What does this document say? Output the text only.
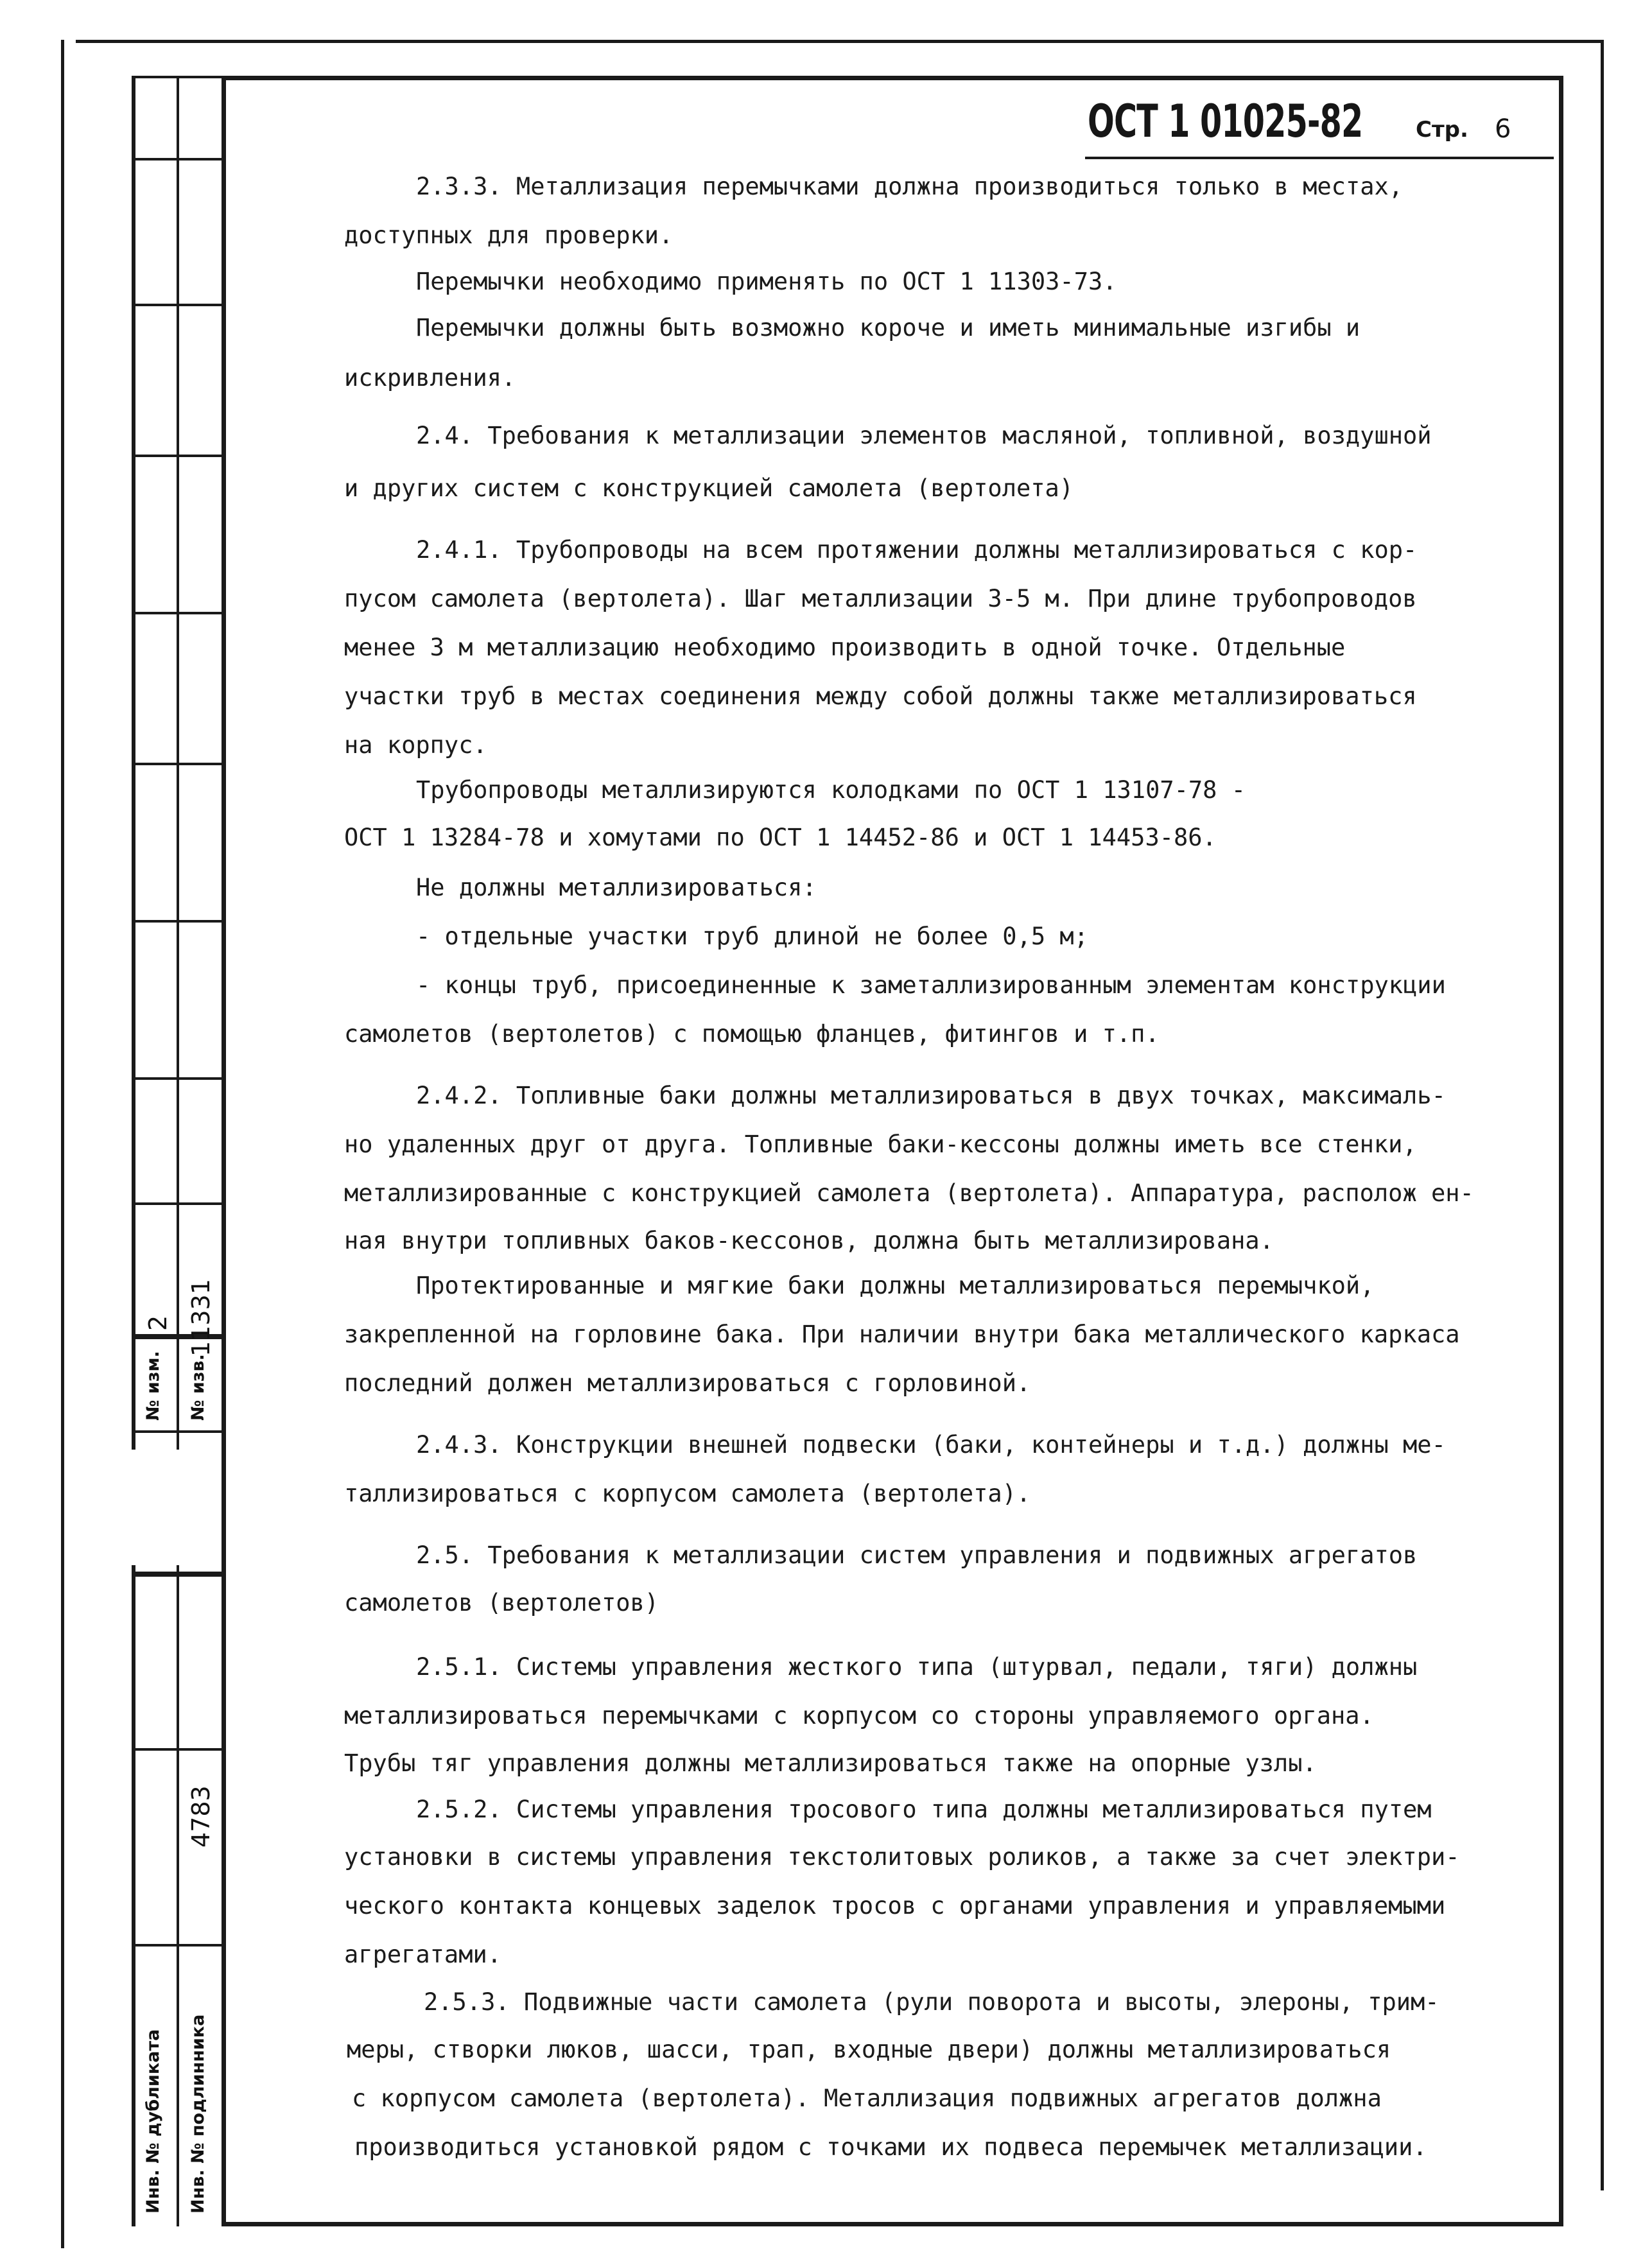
№ изм.
2
№ изв.
11331
Инв. № дубликата Инв. № подлинника
4783
ОСТ 1 01025-82 Стр. 6
2.3.3. Металлизация перемычками должна производиться только в местах,
доступных для проверки.
Перемычки необходимо применять по ОСТ 1 11303-73.
Перемычки должны быть возможно короче и иметь минимальные изгибы и
искривления.
2.4. Требования к металлизации элементов масляной, топливной, воздушной
и других систем с конструкцией самолета (вертолета)
2.4.1. Трубопроводы на всем протяжении должны металлизироваться с кор-
пусом самолета (вертолета). Шаг металлизации 3-5 м. При длине трубопроводов
менее 3 м металлизацию необходимо производить в одной точке. Отдельные
участки труб в местах соединения между собой должны также металлизироваться
на корпус.
Трубопроводы металлизируются колодками по ОСТ 1 13107-78 -
ОСТ 1 13284-78 и хомутами по ОСТ 1 14452-86 и ОСТ 1 14453-86.
Не должны металлизироваться:
- отдельные участки труб длиной не более 0,5 м;
- концы труб, присоединенные к заметаллизированным элементам конструкции
самолетов (вертолетов) с помощью фланцев, фитингов и т.п.
2.4.2. Топливные баки должны металлизироваться в двух точках, максималь-
но удаленных друг от друга. Топливные баки-кессоны должны иметь все стенки,
металлизированные с конструкцией самолета (вертолета). Аппаратура, располож ен-
ная внутри топливных баков-кессонов, должна быть металлизирована.
Протектированные и мягкие баки должны металлизироваться перемычкой,
закрепленной на горловине бака. При наличии внутри бака металлического каркаса
последний должен металлизироваться с горловиной.
2.4.3. Конструкции внешней подвески (баки, контейнеры и т.д.) должны ме-
таллизироваться с корпусом самолета (вертолета).
2.5. Требования к металлизации систем управления и подвижных агрегатов
самолетов (вертолетов)
2.5.1. Системы управления жесткого типа (штурвал, педали, тяги) должны
металлизироваться перемычками с корпусом со стороны управляемого органа.
Трубы тяг управления должны металлизироваться также на опорные узлы.
2.5.2. Системы управления тросового типа должны металлизироваться путем
установки в системы управления текстолитовых роликов, а также за счет электри-
ческого контакта концевых заделок тросов с органами управления и управляемыми
агрегатами.
2.5.3. Подвижные части самолета (рули поворота и высоты, элероны, трим-
меры, створки люков, шасси, трап, входные двери) должны металлизироваться
с корпусом самолета (вертолета). Металлизация подвижных агрегатов должна
производиться установкой рядом с точками их подвеса перемычек металлизации.
